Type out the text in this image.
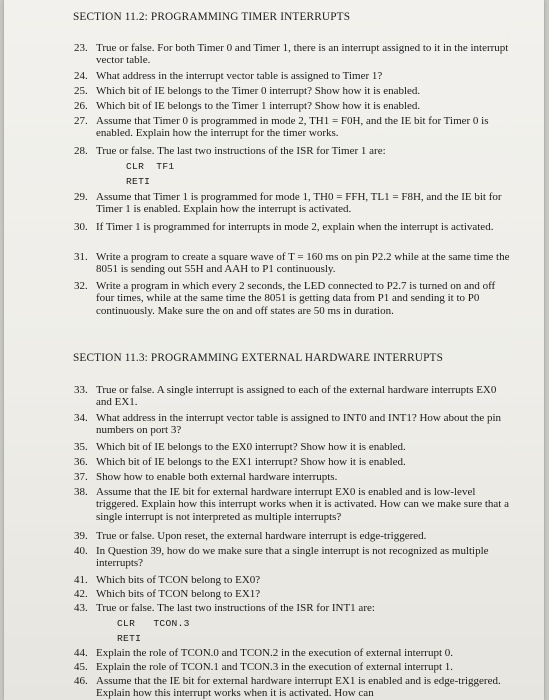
SECTION 11.2: PROGRAMMING TIMER INTERRUPTS
23. True or false. For both Timer 0 and Timer 1, there is an interrupt assigned to it in the interrupt vector table.
24. What address in the interrupt vector table is assigned to Timer 1?
25. Which bit of IE belongs to the Timer 0 interrupt? Show how it is enabled.
26. Which bit of IE belongs to the Timer 1 interrupt? Show how it is enabled.
27. Assume that Timer 0 is programmed in mode 2, TH1 = F0H, and the IE bit for Timer 0 is enabled. Explain how the interrupt for the timer works.
28. True or false. The last two instructions of the ISR for Timer 1 are:
CLR  TF1
RETI
29. Assume that Timer 1 is programmed for mode 1, TH0 = FFH, TL1 = F8H, and the IE bit for Timer 1 is enabled. Explain how the interrupt is activated.
30. If Timer 1 is programmed for interrupts in mode 2, explain when the interrupt is activated.
31. Write a program to create a square wave of T = 160 ms on pin P2.2 while at the same time the 8051 is sending out 55H and AAH to P1 continuously.
32. Write a program in which every 2 seconds, the LED connected to P2.7 is turned on and off four times, while at the same time the 8051 is getting data from P1 and sending it to P0 continuously. Make sure the on and off states are 50 ms in duration.
SECTION 11.3: PROGRAMMING EXTERNAL HARDWARE INTERRUPTS
33. True or false. A single interrupt is assigned to each of the external hardware interrupts EX0 and EX1.
34. What address in the interrupt vector table is assigned to INT0 and INT1? How about the pin numbers on port 3?
35. Which bit of IE belongs to the EX0 interrupt? Show how it is enabled.
36. Which bit of IE belongs to the EX1 interrupt? Show how it is enabled.
37. Show how to enable both external hardware interrupts.
38. Assume that the IE bit for external hardware interrupt EX0 is enabled and is low-level triggered. Explain how this interrupt works when it is activated. How can we make sure that a single interrupt is not interpreted as multiple interrupts?
39. True or false. Upon reset, the external hardware interrupt is edge-triggered.
40. In Question 39, how do we make sure that a single interrupt is not recognized as multiple interrupts?
41. Which bits of TCON belong to EX0?
42. Which bits of TCON belong to EX1?
43. True or false. The last two instructions of the ISR for INT1 are:
CLR   TCON.3
RETI
44. Explain the role of TCON.0 and TCON.2 in the execution of external interrupt 0.
45. Explain the role of TCON.1 and TCON.3 in the execution of external interrupt 1.
46. Assume that the IE bit for external hardware interrupt EX1 is enabled and is edge-triggered. Explain how this interrupt works when it is activated. How can
